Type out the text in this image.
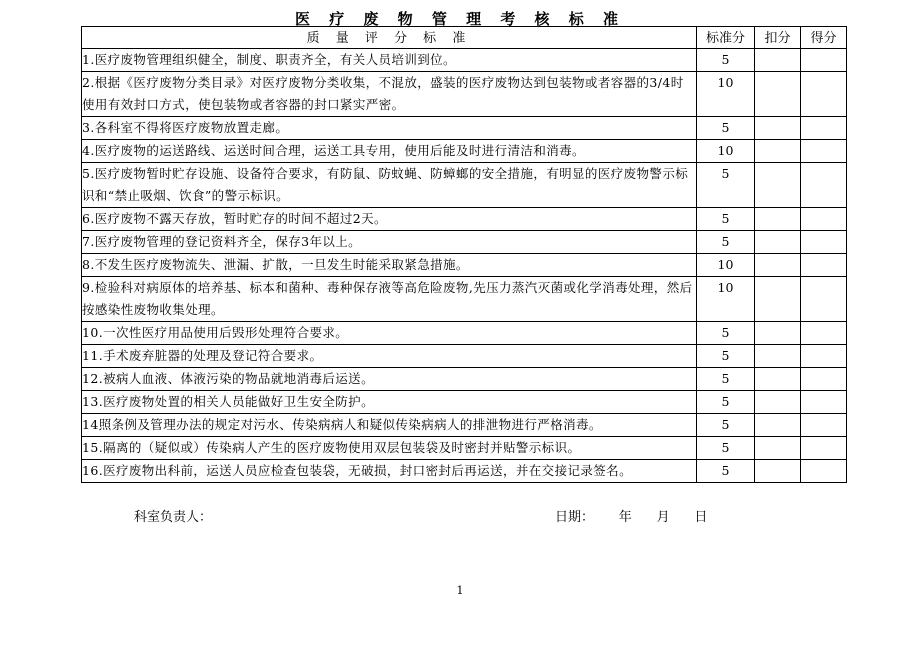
医 疗 废 物 管 理 考 核 标 准
质 量 评 分 标 准	标准分	扣分	得分
1.医疗废物管理组织健全，制度、职责齐全，有关人员培训到位。	5		
2.根据《医疗废物分类目录》对医疗废物分类收集，不混放，盛装的医疗废物达到包装物或者容器的3/4时使用有效封口方式，使包装物或者容器的封口紧实严密。	10		
3.各科室不得将医疗废物放置走廊。	5		
4.医疗废物的运送路线、运送时间合理，运送工具专用，使用后能及时进行清洁和消毒。	10		
5.医疗废物暂时贮存设施、设备符合要求，有防鼠、防蚊蝇、防蟑螂的安全措施，有明显的医疗废物警示标识和“禁止吸烟、饮食”的警示标识。	5		
6.医疗废物不露天存放，暂时贮存的时间不超过2天。	5		
7.医疗废物管理的登记资料齐全，保存3年以上。	5		
8.不发生医疗废物流失、泄漏、扩散，一旦发生时能采取紧急措施。	10		
9.检验科对病原体的培养基、标本和菌种、毒种保存液等高危险废物,先压力蒸汽灭菌或化学消毒处理，然后按感染性废物收集处理。	10		
10.一次性医疗用品使用后毁形处理符合要求。	5		
11.手术废弃脏器的处理及登记符合要求。	5		
12.被病人血液、体液污染的物品就地消毒后运送。	5		
13.医疗废物处置的相关人员能做好卫生安全防护。	5		
14照条例及管理办法的规定对污水、传染病病人和疑似传染病病人的排泄物进行严格消毒。	5		
15.隔离的（疑似或）传染病人产生的医疗废物使用双层包装袋及时密封并贴警示标识。	5		
16.医疗废物出科前，运送人员应检查包装袋，无破损，封口密封后再运送，并在交接记录签名。	5		
科室负责人：	日期：      年      月      日
1
